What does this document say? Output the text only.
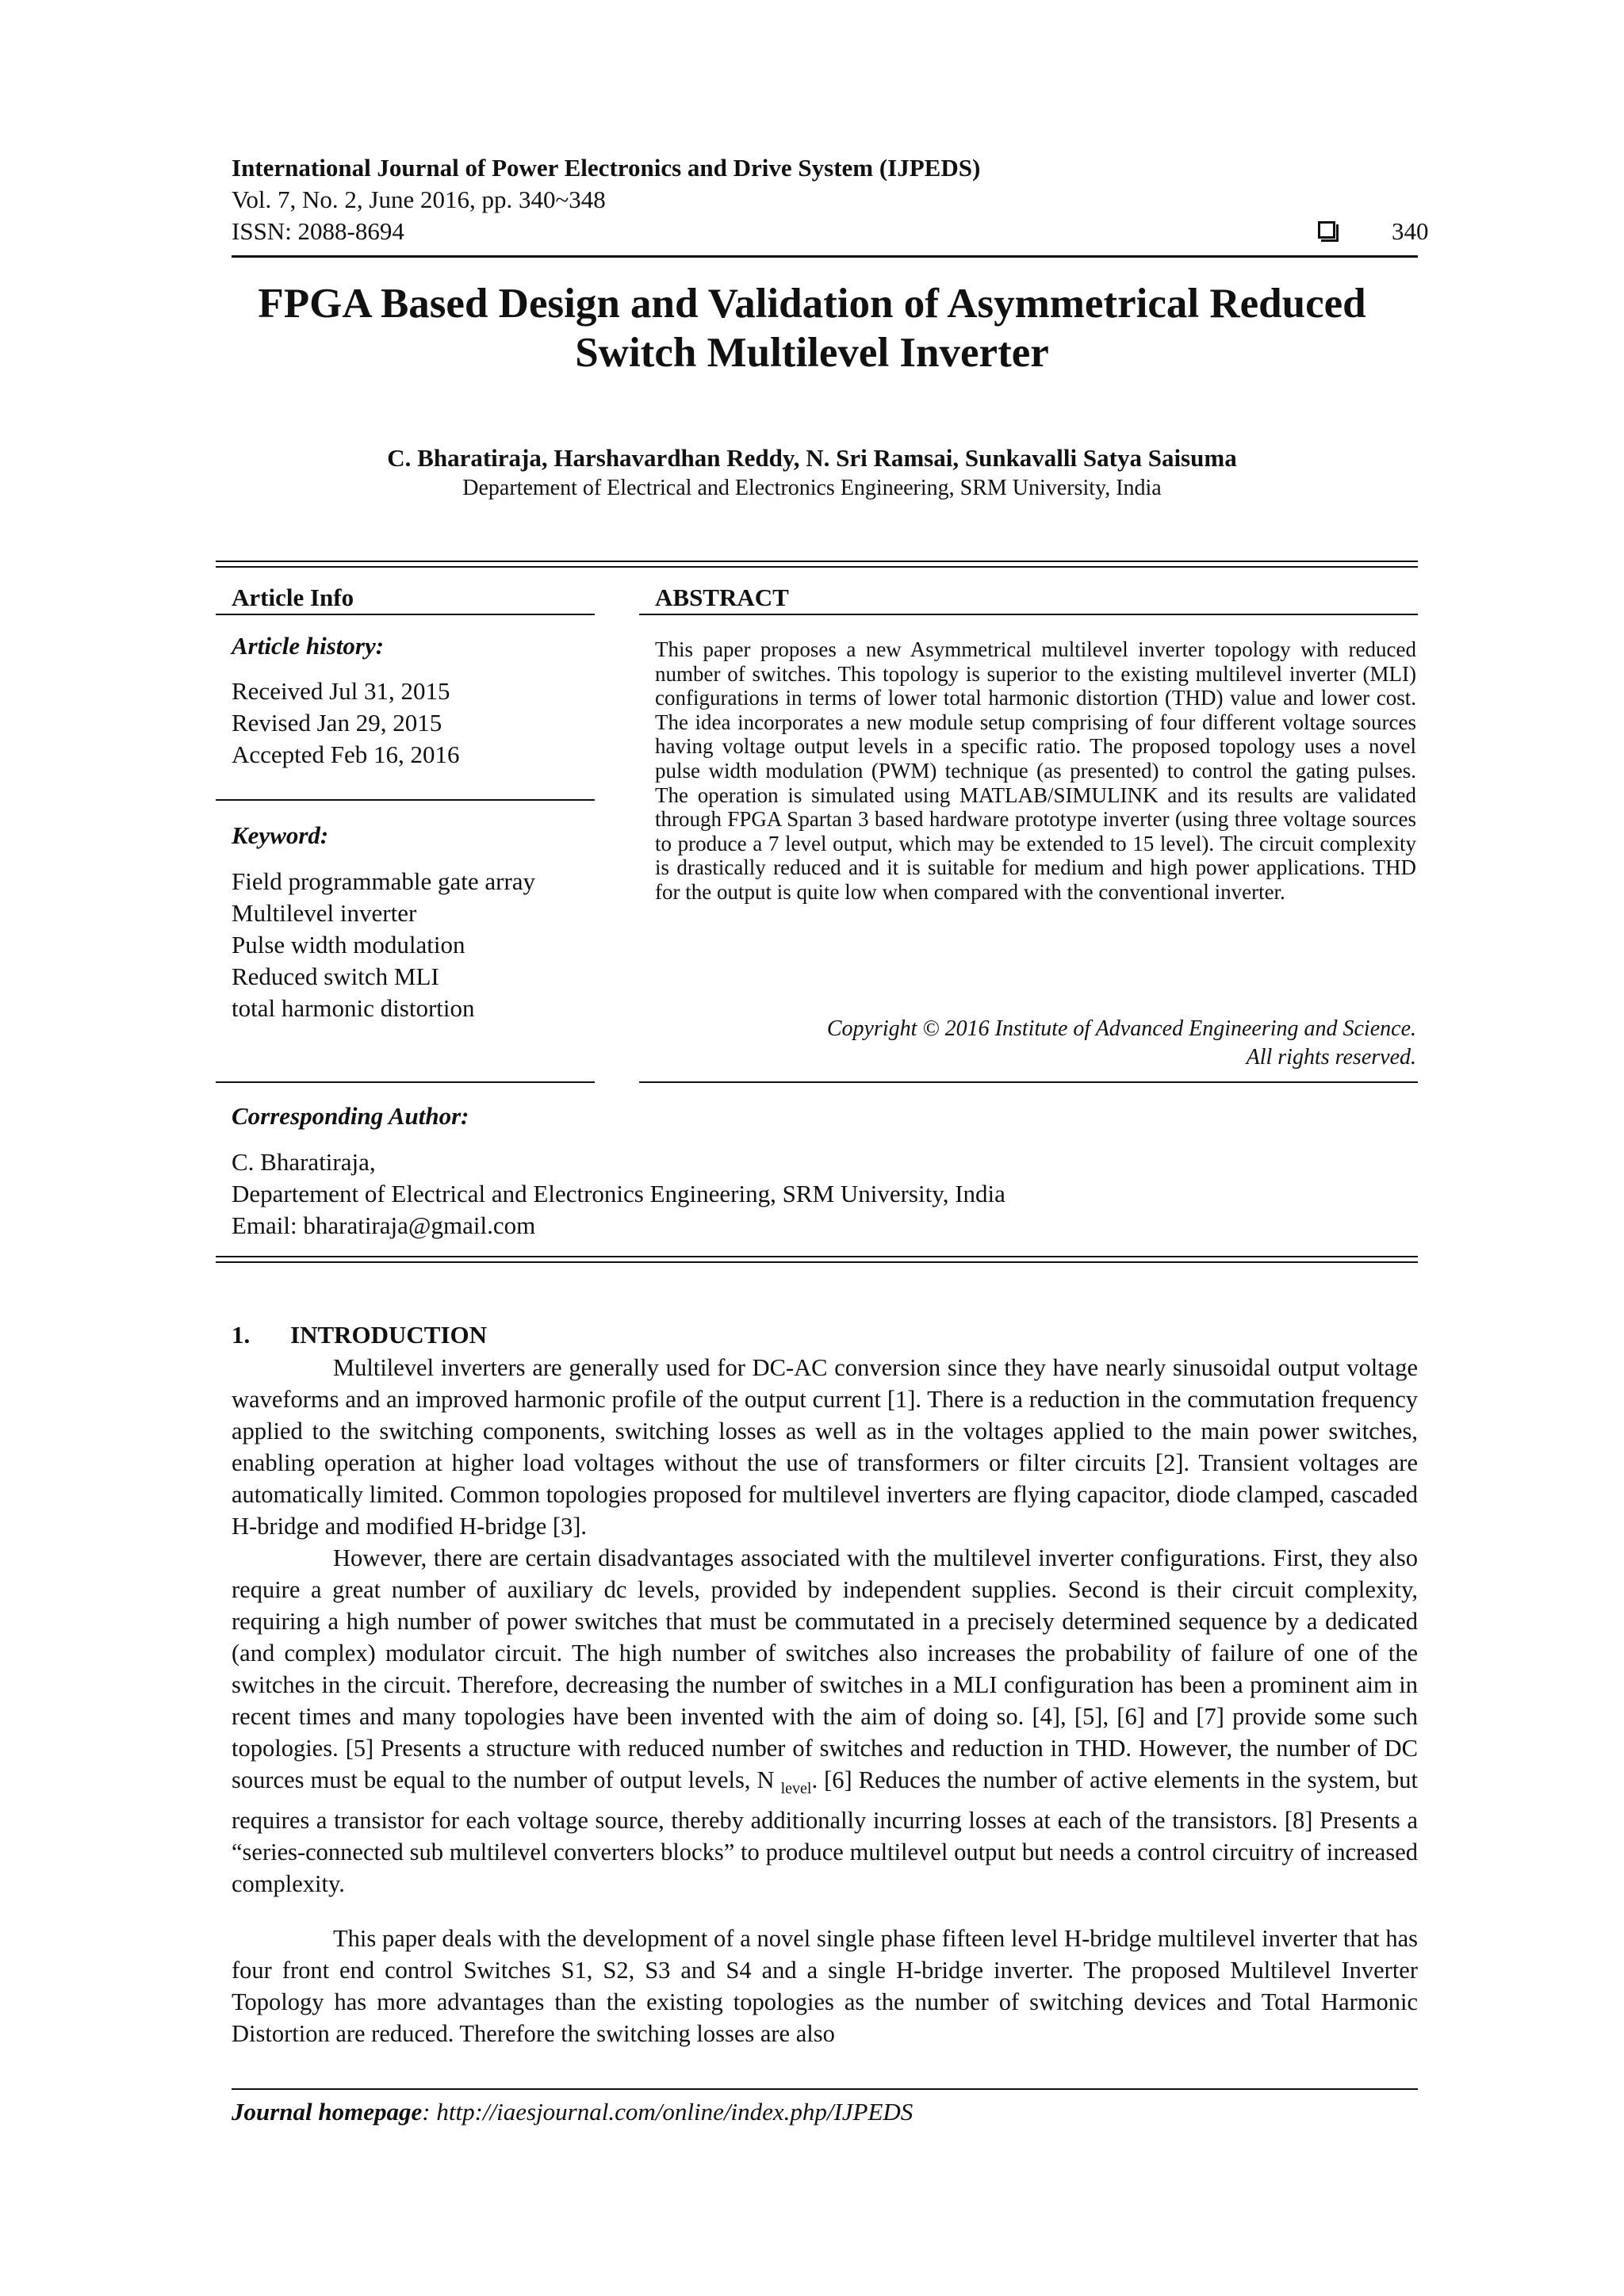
International Journal of Power Electronics and Drive System (IJPEDS)
Vol. 7, No. 2, June 2016, pp. 340~348
ISSN: 2088-8694	340
FPGA Based Design and Validation of Asymmetrical Reduced
Switch Multilevel Inverter
C. Bharatiraja, Harshavardhan Reddy, N. Sri Ramsai, Sunkavalli Satya Saisuma
Departement of Electrical and Electronics Engineering, SRM University, India
Article Info
Article history:
Received Jul 31, 2015
Revised Jan 29, 2015
Accepted Feb 16, 2016
Keyword:
Field programmable gate array
Multilevel inverter
Pulse width modulation
Reduced switch MLI
total harmonic distortion
ABSTRACT
This paper proposes a new Asymmetrical multilevel inverter topology with reduced number of switches. This topology is superior to the existing multilevel inverter (MLI) configurations in terms of lower total harmonic distortion (THD) value and lower cost. The idea incorporates a new module setup comprising of four different voltage sources having voltage output levels in a specific ratio. The proposed topology uses a novel pulse width modulation (PWM) technique (as presented) to control the gating pulses. The operation is simulated using MATLAB/SIMULINK and its results are validated through FPGA Spartan 3 based hardware prototype inverter (using three voltage sources to produce a 7 level output, which may be extended to 15 level). The circuit complexity is drastically reduced and it is suitable for medium and high power applications. THD for the output is quite low when compared with the conventional inverter.
Copyright © 2016 Institute of Advanced Engineering and Science.
All rights reserved.
Corresponding Author:
C. Bharatiraja,
Departement of Electrical and Electronics Engineering, SRM University, India
Email: bharatiraja@gmail.com
1. INTRODUCTION
Multilevel inverters are generally used for DC-AC conversion since they have nearly sinusoidal output voltage waveforms and an improved harmonic profile of the output current [1]. There is a reduction in the commutation frequency applied to the switching components, switching losses as well as in the voltages applied to the main power switches, enabling operation at higher load voltages without the use of transformers or filter circuits [2]. Transient voltages are automatically limited. Common topologies proposed for multilevel inverters are flying capacitor, diode clamped, cascaded H-bridge and modified H-bridge [3].
However, there are certain disadvantages associated with the multilevel inverter configurations. First, they also require a great number of auxiliary dc levels, provided by independent supplies. Second is their circuit complexity, requiring a high number of power switches that must be commutated in a precisely determined sequence by a dedicated (and complex) modulator circuit. The high number of switches also increases the probability of failure of one of the switches in the circuit. Therefore, decreasing the number of switches in a MLI configuration has been a prominent aim in recent times and many topologies have been invented with the aim of doing so. [4], [5], [6] and [7] provide some such topologies. [5] Presents a structure with reduced number of switches and reduction in THD. However, the number of DC sources must be equal to the number of output levels, N $_{level}$. [6] Reduces the number of active elements in the system, but requires a transistor for each voltage source, thereby additionally incurring losses at each of the transistors. [8] Presents a “series-connected sub multilevel converters blocks” to produce multilevel output but needs a control circuitry of increased complexity.
This paper deals with the development of a novel single phase fifteen level H-bridge multilevel inverter that has four front end control Switches S1, S2, S3 and S4 and a single H-bridge inverter. The proposed Multilevel Inverter Topology has more advantages than the existing topologies as the number of switching devices and Total Harmonic Distortion are reduced. Therefore the switching losses are also
Journal homepage: http://iaesjournal.com/online/index.php/IJPEDS
